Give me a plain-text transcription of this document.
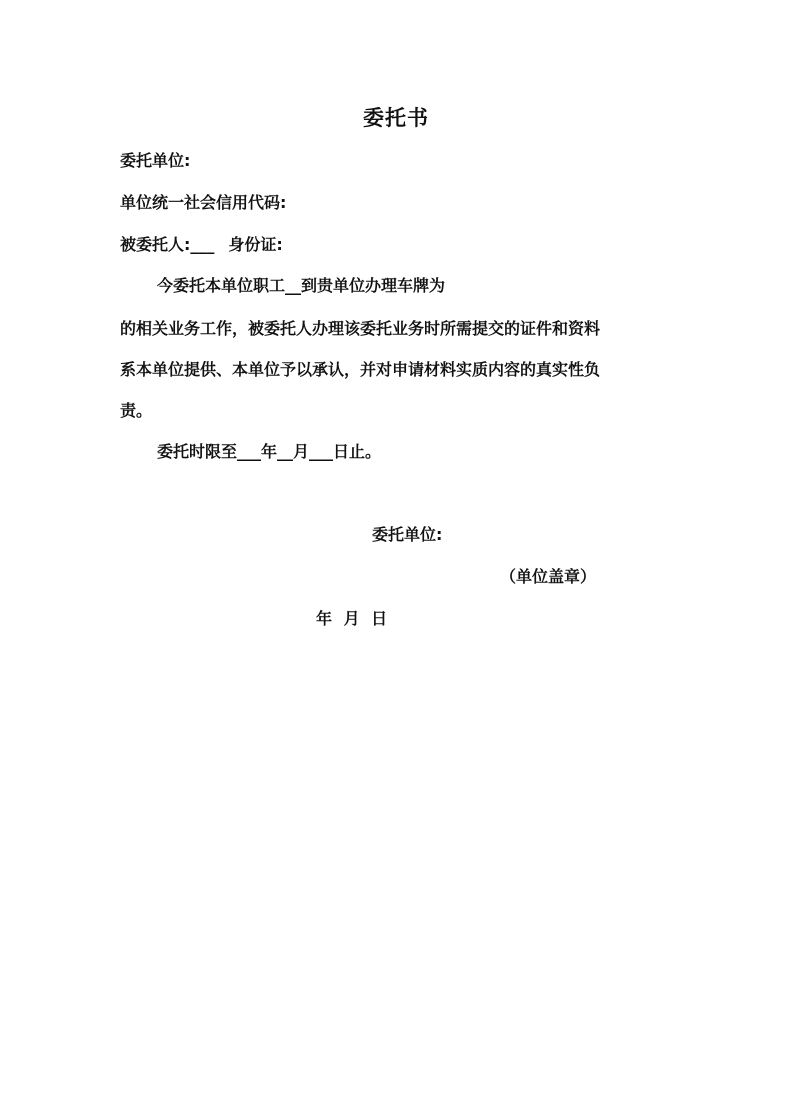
委托书
委托单位:
单位统一社会信用代码:
被委托人:___ 身份证:
今委托本单位职工__到贵单位办理车牌为
的相关业务工作，被委托人办理该委托业务时所需提交的证件和资料
系本单位提供、本单位予以承认，并对申请材料实质内容的真实性负
责。
委托时限至___年__月___日止。
委托单位:
（单位盖章）
年 月 日
